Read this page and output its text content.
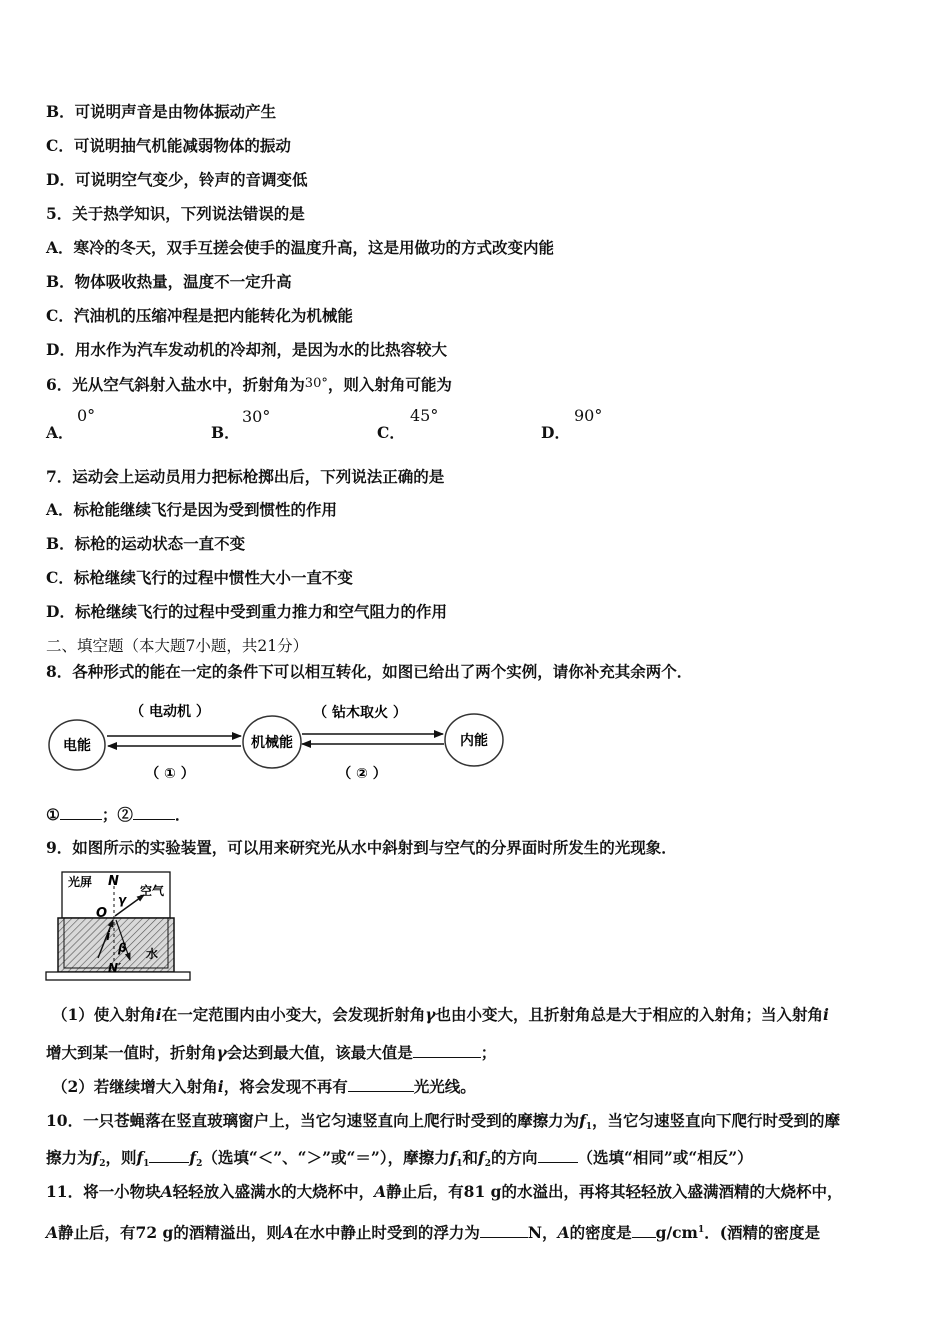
B．可说明声音是由物体振动产生
C．可说明抽气机能减弱物体的振动
D．可说明空气变少，铃声的音调变低
5．关于热学知识，下列说法错误的是
A．寒冷的冬天，双手互搓会使手的温度升高，这是用做功的方式改变内能
B．物体吸收热量，温度不一定升高
C．汽油机的压缩冲程是把内能转化为机械能
D．用水作为汽车发动机的冷却剂，是因为水的比热容较大
6．光从空气斜射入盐水中，折射角为30°，则入射角可能为
A．
0°
B．
30°
C．
45°
D．
90°
7．运动会上运动员用力把标枪掷出后，下列说法正确的是
A．标枪能继续飞行是因为受到惯性的作用
B．标枪的运动状态一直不变
C．标枪继续飞行的过程中惯性大小一直不变
D．标枪继续飞行的过程中受到重力推力和空气阻力的作用
二、填空题（本大题7小题，共21分）
8．各种形式的能在一定的条件下可以相互转化，如图已给出了两个实例，请你补充其余两个．
电能	机械能	内能
（ 电动机 ）	（ 钻木取火 ）
（ ① ）	（ ② ）
①	；②	．
9．如图所示的实验装置，可以用来研究光从水中斜射到与空气的分界面时所发生的光现象．
光屏 N
空气
γ
O
i
β 水
N′
（1）使入射角i在一定范围内由小变大，会发现折射角γ也由小变大，且折射角总是大于相应的入射角；当入射角i
增大到某一值时，折射角γ会达到最大值，该最大值是	；
（2）若继续增大入射角i，将会发现不再有	光光线。
10．一只苍蝇落在竖直玻璃窗户上，当它匀速竖直向上爬行时受到的摩擦力为$f_1$，当它匀速竖直向下爬行时受到的摩
擦力为$f_2$，则$f_1$	$f_2$（选填“＜”、“＞”或“＝”），摩擦力$f_1$和$f_2$的方向	（选填“相同”或“相反”）
11．将一小物块A轻轻放入盛满水的大烧杯中，A静止后，有81 g的水溢出，再将其轻轻放入盛满酒精的大烧杯中，
A静止后，有72 g的酒精溢出，则A在水中静止时受到的浮力为	N，A的密度是 $g/cm^1$．(酒精的密度是
